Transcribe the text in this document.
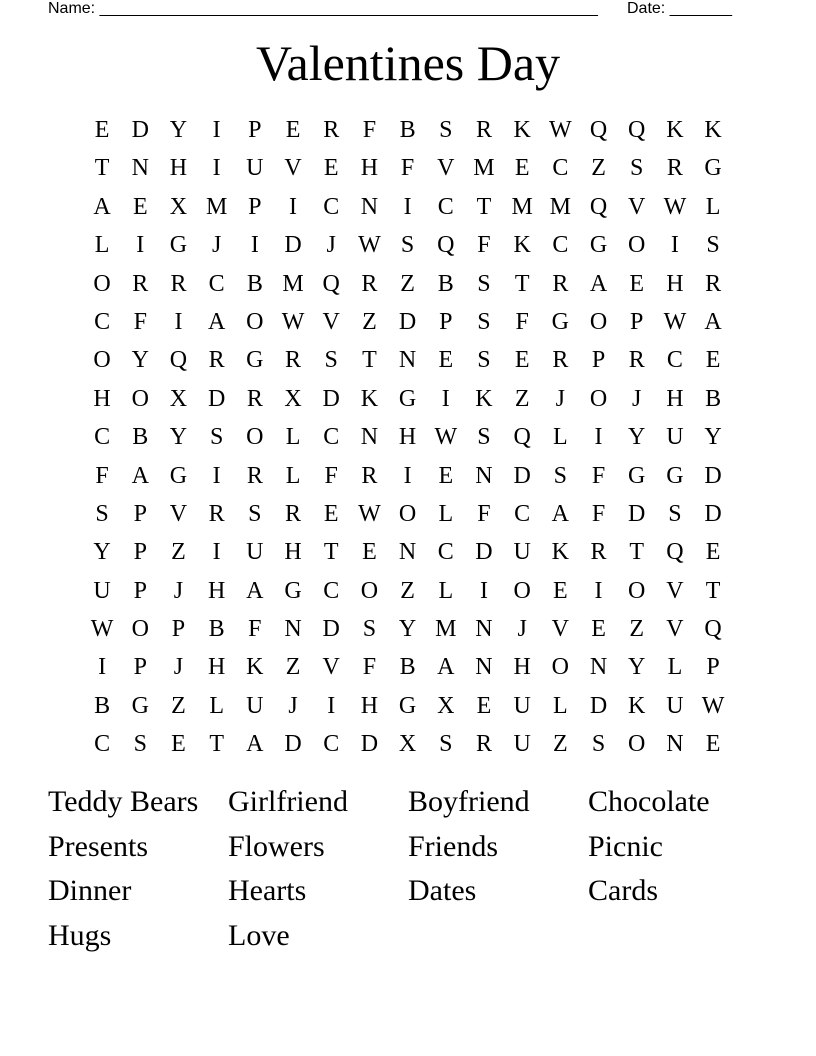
Name: ________________________________________________________ Date: _______
Valentines Day
E D Y	I	P	E R F B S R K W Q Q K K
T N H	I	U V E H F V M E C Z	S R G
A E X M P	I	C N	I	C T M M Q V W L
L	I	G	J	I	D	J W S Q F K C G O	I	S
O R R C B M Q R Z B S	T R A E H R
C F	I	A O W V Z D P	S	F G O P W A
O Y Q R G R S	T N E	S	E R P R C E
H O X D R X D K G	I	K Z	J	O	J	H B
C B Y S O L C N H W S Q L	I	Y U Y
F A G	I	R L	F R	I	E N D S	F G G D
S	P V R S R E W O L	F C A F D S D
Y P	Z	I	U H T E N C D U K R T Q E
U P	J	H A G C O Z L	I	O E	I	O V T
W O P B F N D S Y M N	J	V E Z V Q
I	P	J	H K Z V F B A N H O N Y L	P
B G Z L U	J	I	H G X E U L D K U W
C S	E T A D C D X S R U Z	S O N E
Teddy Bears Girlfriend	Boyfriend	Chocolate
Presents	Flowers	Friends	Picnic
Dinner	Hearts	Dates	Cards
Hugs	Love
